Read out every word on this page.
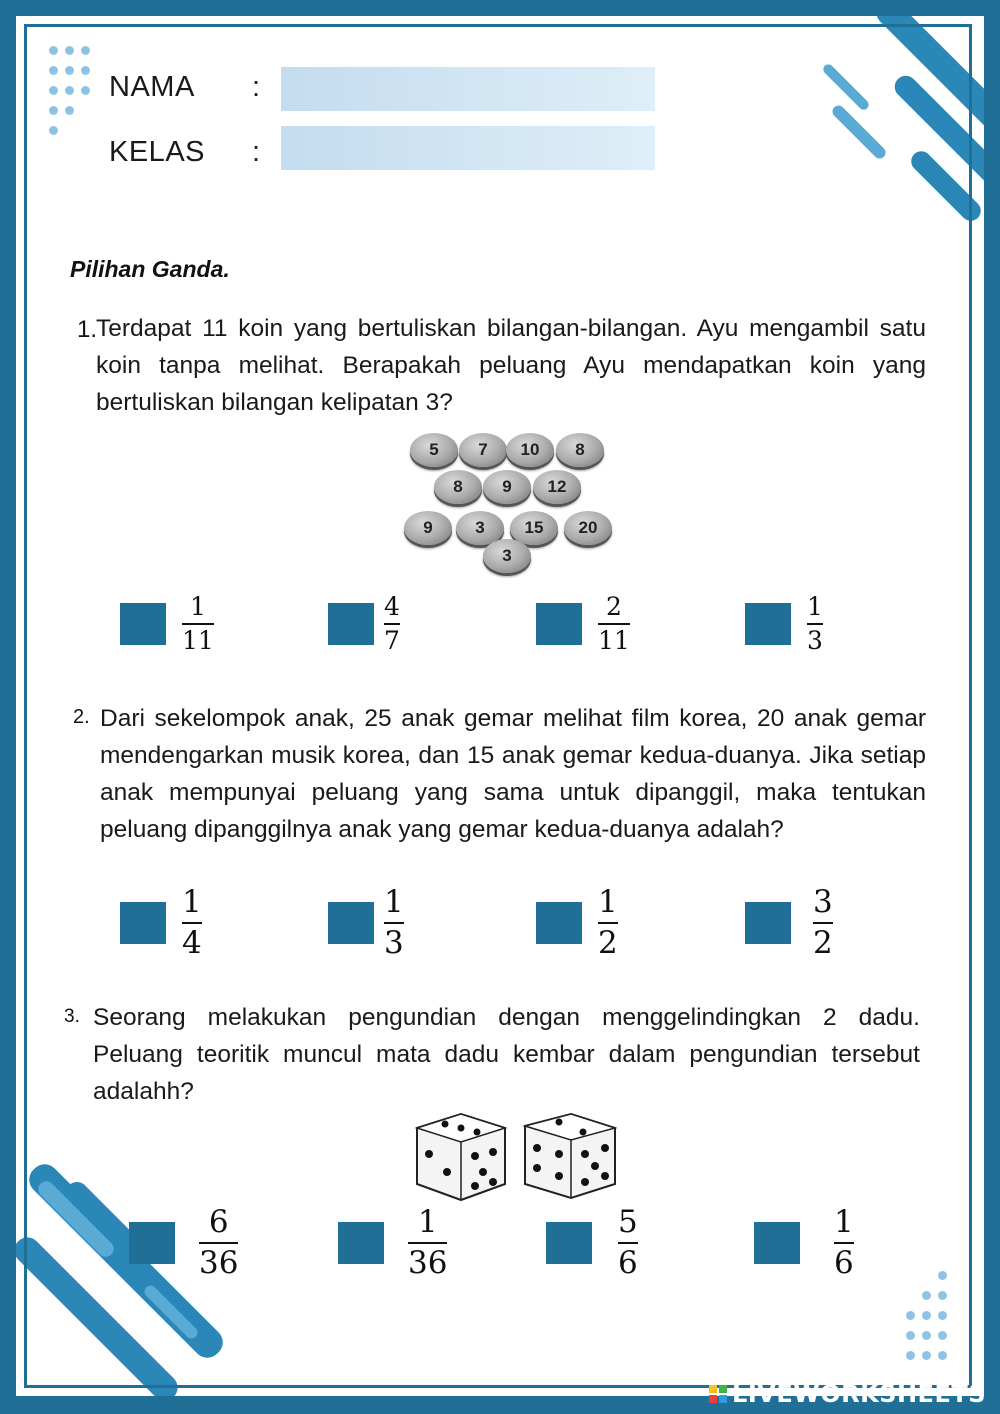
NAMA :
KELAS :
Pilihan Ganda.
1.
Terdapat 11 koin yang bertuliskan bilangan-bilangan. Ayu mengambil satu koin tanpa melihat. Berapakah peluang Ayu mendapatkan koin yang bertuliskan bilangan kelipatan 3?
5 7 10 8
8 9 12
9	3 15 20
3
$\frac{1}{11}$	$\frac{4}{7}$	$\frac{2}{11}$	$\frac{1}{3}$
2. Dari sekelompok anak, 25 anak gemar melihat film korea, 20 anak gemar mendengarkan musik korea, dan 15 anak gemar kedua-duanya. Jika setiap anak mempunyai peluang yang sama untuk dipanggil, maka tentukan peluang dipanggilnya anak yang gemar kedua-duanya adalah?
$\frac{1}{4}$	$\frac{1}{3}$	$\frac{1}{2}$	$\frac{3}{2}$
3. Seorang melakukan pengundian dengan menggelindingkan 2 dadu. Peluang teoritik muncul mata dadu kembar dalam pengundian tersebut adalahh?
$\frac{6}{36}$	$\frac{1}{36}$	$\frac{5}{6}$	$\frac{1}{6}$
LIVEWORKSHEETS
